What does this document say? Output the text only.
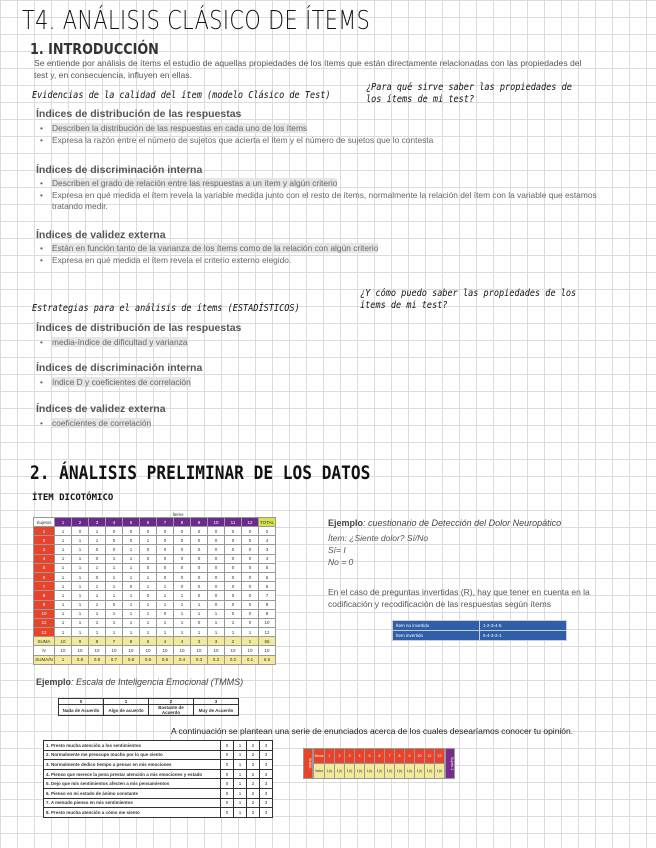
T4. ANÁLISIS CLÁSICO DE ÍTEMS
1. INTRODUCCIÓN
Se entiende por análisis de ítems el estudio de aquellas propiedades de los ítems que están directamente relacionadas con las propiedades del test y, en consecuencia, influyen en ellas.
Evidencias de la calidad del ítem (modelo Clásico de Test)
¿Para qué sirve saber las propiedades de los ítems de mi test?
Índices de distribución de las respuestas
• Describen la distribución de las respuestas en cada uno de los ítems
• Expresa la razón entre el número de sujetos que acierta el ítem y el número de sujetos que lo contesta
Índices de discriminación interna
• Describen el grado de relación entre las respuestas a un ítem y algún criterio
• Expresa en qué medida el ítem revela la variable medida junto con el resto de ítems, normalmente la relación del ítem con la variable que estamos tratando medir.
Índices de validez externa
• Están en función tanto de la varianza de los ítems como de la relación con algún criterio
• Expresa en qué medida el ítem revela el criterio externo elegido.
Estrategias para el análisis de ítems (ESTADÍSTICOS)
¿Y cómo puedo saber las propiedades de los ítems de mi test?
Índices de distribución de las respuestas
• media-índice de dificultad y varianza
Índices de discriminación interna
• índice D y coeficientes de correlación
Índices de validez externa
• coeficientes de correlación
2. ÁNALISIS PRELIMINAR DE LOS DATOS
ÍTEM DICOTÓMICO
Ítems
Sujetos	1	2	3	4	5	6	7	8	9	10	11	12	TOTAL
1	1	0	1	0	0	0	0	0	0	0	0	0	2
2	1	1	1	0	0	1	0	0	0	0	0	0	4
3	1	1	0	0	1	0	0	0	0	0	0	0	3
4	1	1	0	1	1	0	0	0	0	0	0	0	4
5	1	1	1	1	1	0	0	0	0	0	0	0	5
6	1	1	0	1	1	1	0	0	0	0	0	0	5
7	1	1	1	1	0	1	1	0	0	0	0	0	6
8	1	1	1	1	1	0	1	1	0	0	0	0	7
9	1	1	1	0	1	1	1	1	1	0	0	0	8
10	1	1	1	1	1	1	0	1	1	1	0	0	9
11	1	1	1	1	1	1	1	1	0	1	1	0	10
12	1	1	1	1	1	1	1	1	1	1	1	1	12
SUMA	10	9	8	7	8	6	4	4	3	3	2	1	65
N	10	10	10	10	10	10	10	10	10	10	10	10	10
SUMA/N	1	0.9	0.8	0.7	0.8	0.6	0.5	0.4	0.3	0.3	0.2	0.1	6.5
Ejemplo: cuestionario de Detección del Dolor Neuropático
Ítem: ¿Siente dolor? Sí/No
Sí= I
No = 0
En el caso de preguntas invertidas (R), hay que tener en cuenta en la codificación y recodificación de las respuestas según ítems
Ítem no invertido	1-2-3-4-5
Ítem invertido	5-4-3-2-1
Ejemplo: Escala de Inteligencia Emocional (TMMS)
0	1	2	3
Nada de Acuerdo	Algo de acuerdo	Bastante de Acuerdo	Muy de Acuerdo
A continuación se plantean una serie de enunciados acerca de los cuales desearíamos conocer tu opinión.
1. Presto mucha atención a los sentimientos	0	1	2	3
2. Normalmente me preocupo mucho por lo que siento	0	1	2	3
3. Normalmente dedico tiempo a pensar en mis emociones	0	1	2	3
4. Pienso que merece la pena prestar atención a mis emociones y estado	0	1	2	3
5. Dejo que mis sentimientos afecten a mis pensamientos	0	1	2	3
6. Pienso en mi estado de ánimo constante	0	1	2	3
7. A menudo pienso en mis sentimientos	0	1	2	3
8. Presto mucha atención a cómo me siento	0	1	2	3
SUMA
Ítems	1	2	3	4	5	6	7	8	9	10	11	12
Valor	1(r)	1(r)	1(r)	1(r)	1(r)	1(r)	1(r)	1(r)	1(r)	1(r)	1(r)	1(r)
Sujeto 1
